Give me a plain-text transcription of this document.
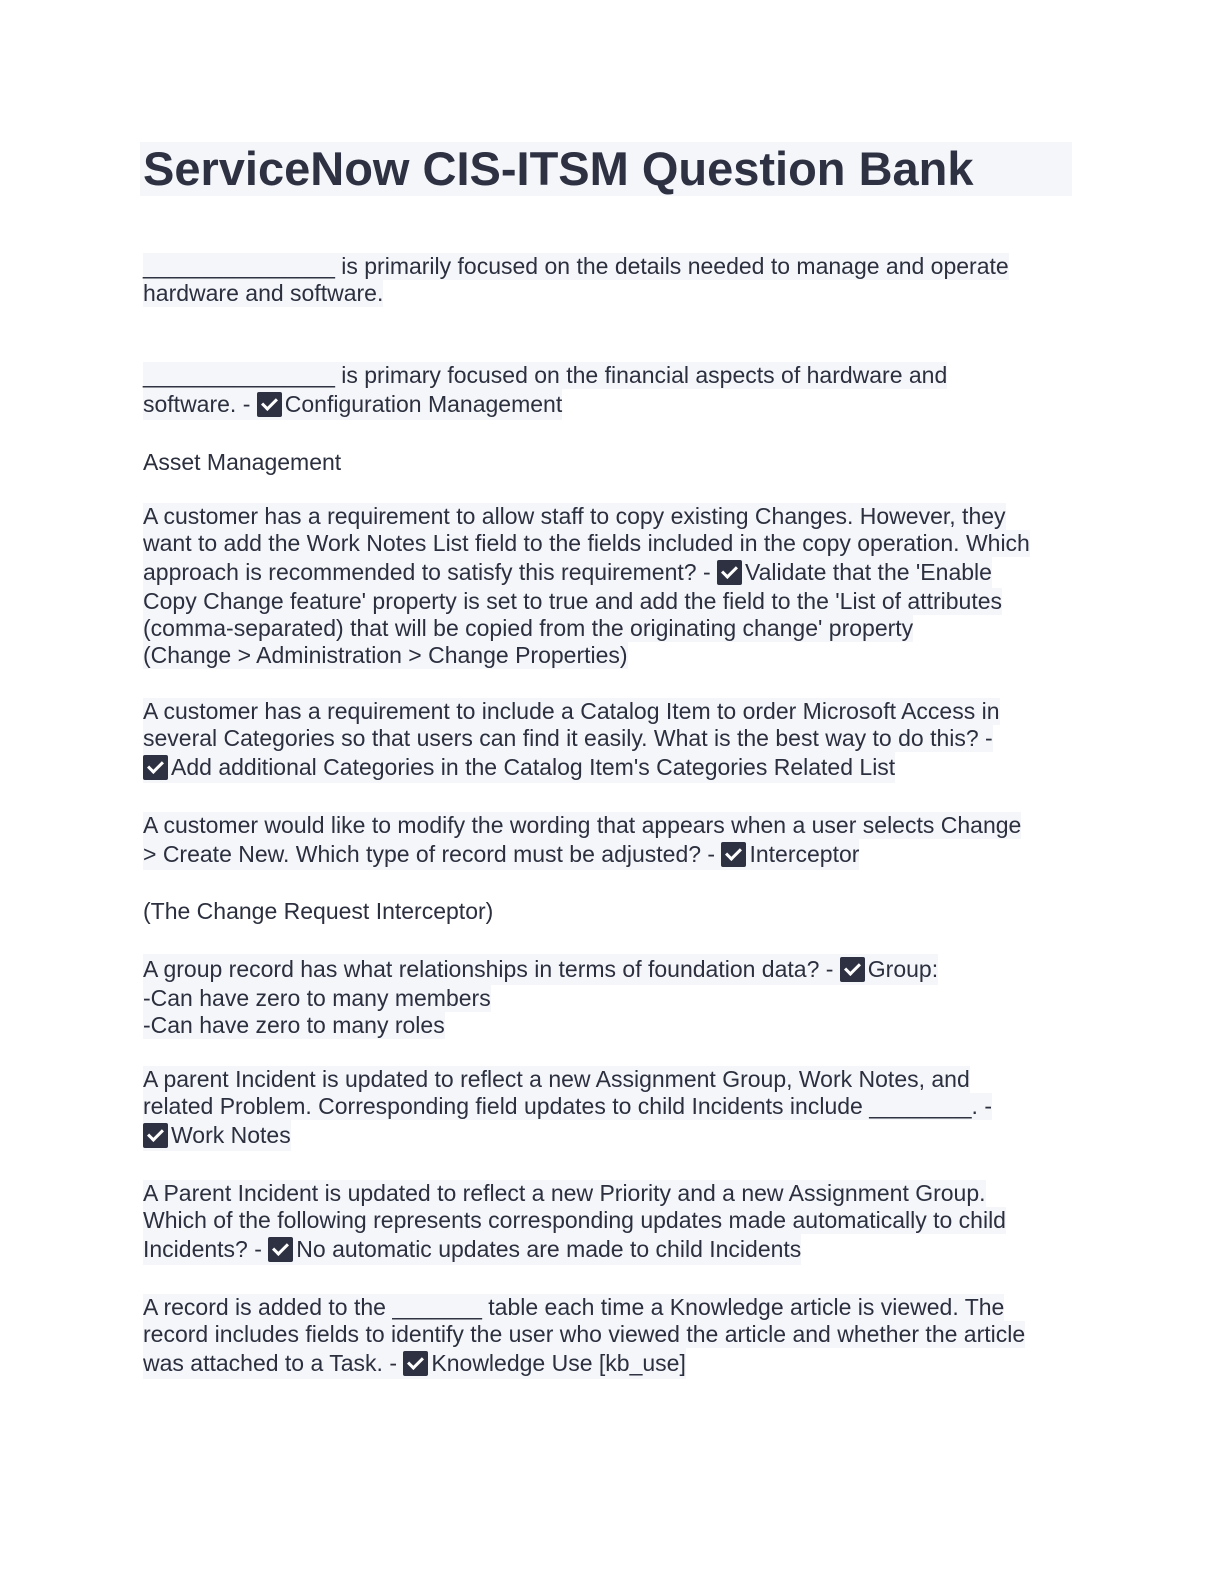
ServiceNow CIS-ITSM Question Bank
_______________ is primarily focused on the details needed to manage and operate
hardware and software.
_______________ is primary focused on the financial aspects of hardware and
software. - Configuration Management
Asset Management
A customer has a requirement to allow staff to copy existing Changes. However, they
want to add the Work Notes List field to the fields included in the copy operation. Which
approach is recommended to satisfy this requirement? - Validate that the 'Enable
Copy Change feature' property is set to true and add the field to the 'List of attributes
(comma-separated) that will be copied from the originating change' property
(Change > Administration > Change Properties)
A customer has a requirement to include a Catalog Item to order Microsoft Access in
several Categories so that users can find it easily. What is the best way to do this? -
Add additional Categories in the Catalog Item's Categories Related List
A customer would like to modify the wording that appears when a user selects Change
> Create New. Which type of record must be adjusted? - Interceptor
(The Change Request Interceptor)
A group record has what relationships in terms of foundation data? - Group:
-Can have zero to many members
-Can have zero to many roles
A parent Incident is updated to reflect a new Assignment Group, Work Notes, and
related Problem. Corresponding field updates to child Incidents include ________. -
Work Notes
A Parent Incident is updated to reflect a new Priority and a new Assignment Group.
Which of the following represents corresponding updates made automatically to child
Incidents? - No automatic updates are made to child Incidents
A record is added to the _______ table each time a Knowledge article is viewed. The
record includes fields to identify the user who viewed the article and whether the article
was attached to a Task. - Knowledge Use [kb_use]
